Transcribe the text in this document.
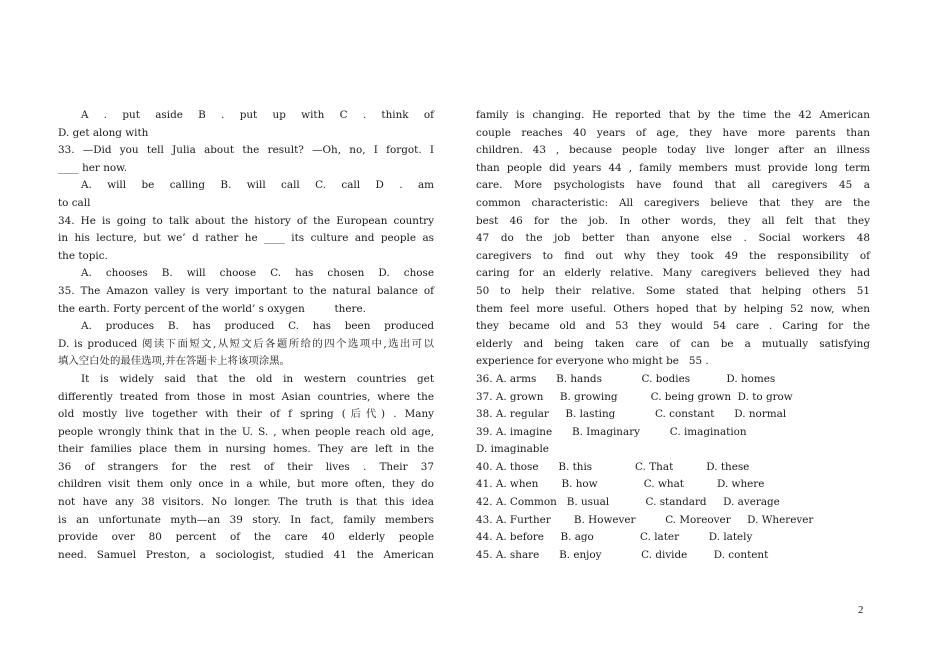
A . put aside B . put up with C . think of
D. get along with
33. —Did you tell Julia about the result? —Oh, no, I forgot. I
____ her now.
A. will be calling B. will call C. call D . am
to call
34. He is going to talk about the history of the European country
in his lecture, but we’ d rather he ____ its culture and people as
the topic.
A. chooses B. will choose C. has chosen D. chose
35. The Amazon valley is very important to the natural balance of
the earth. Forty percent of the world’ s oxygen         there.
A. produces B. has produced C. has been produced
D. is produced 阅读下面短文,从短文后各题所给的四个选项中,选出可以
填入空白处的最佳选项,并在答题卡上将该项涂黑。
It is widely said that the old in western countries get
differently treated from those in most Asian countries, where the
old mostly live together with their of f spring (后代) . Many
people wrongly think that in the U. S. , when people reach old age,
their families place them in nursing homes. They are left in the
36 of strangers for the rest of their lives . Their 37
children visit them only once in a while, but more often, they do
not have any 38 visitors. No longer. The truth is that this idea
is an unfortunate myth—an 39 story. In fact, family members
provide over 80 percent of the care 40 elderly people
need. Samuel Preston, a sociologist, studied 41 the American
family is changing. He reported that by the time the 42 American
couple reaches 40 years of age, they have more parents than
children. 43 , because people today live longer after an illness
than people did years 44 , family members must provide long term
care. More psychologists have found that all caregivers 45 a
common characteristic: All caregivers believe that they are the
best 46 for the job. In other words, they all felt that they
47 do the job better than anyone else . Social workers 48
caregivers to find out why they took 49 the responsibility of
caring for an elderly relative. Many caregivers believed they had
50 to help their relative. Some stated that helping others 51
them feel more useful. Others hoped that by helping 52 now, when
they became old and 53 they would 54 care . Caring for the
elderly and being taken care of can be a mutually satisfying
experience for everyone who might be   55 .
36. A. arms      B. hands            C. bodies           D. homes
37. A. grown     B. growing          C. being grown  D. to grow
38. A. regular     B. lasting            C. constant      D. normal
39. A. imagine      B. Imaginary         C. imagination
D. imaginable
40. A. those      B. this             C. That          D. these
41. A. when       B. how              C. what          D. where
42. A. Common   B. usual           C. standard     D. average
43. A. Further       B. However         C. Moreover     D. Wherever
44. A. before     B. ago              C. later         D. lately
45. A. share      B. enjoy            C. divide        D. content
2
